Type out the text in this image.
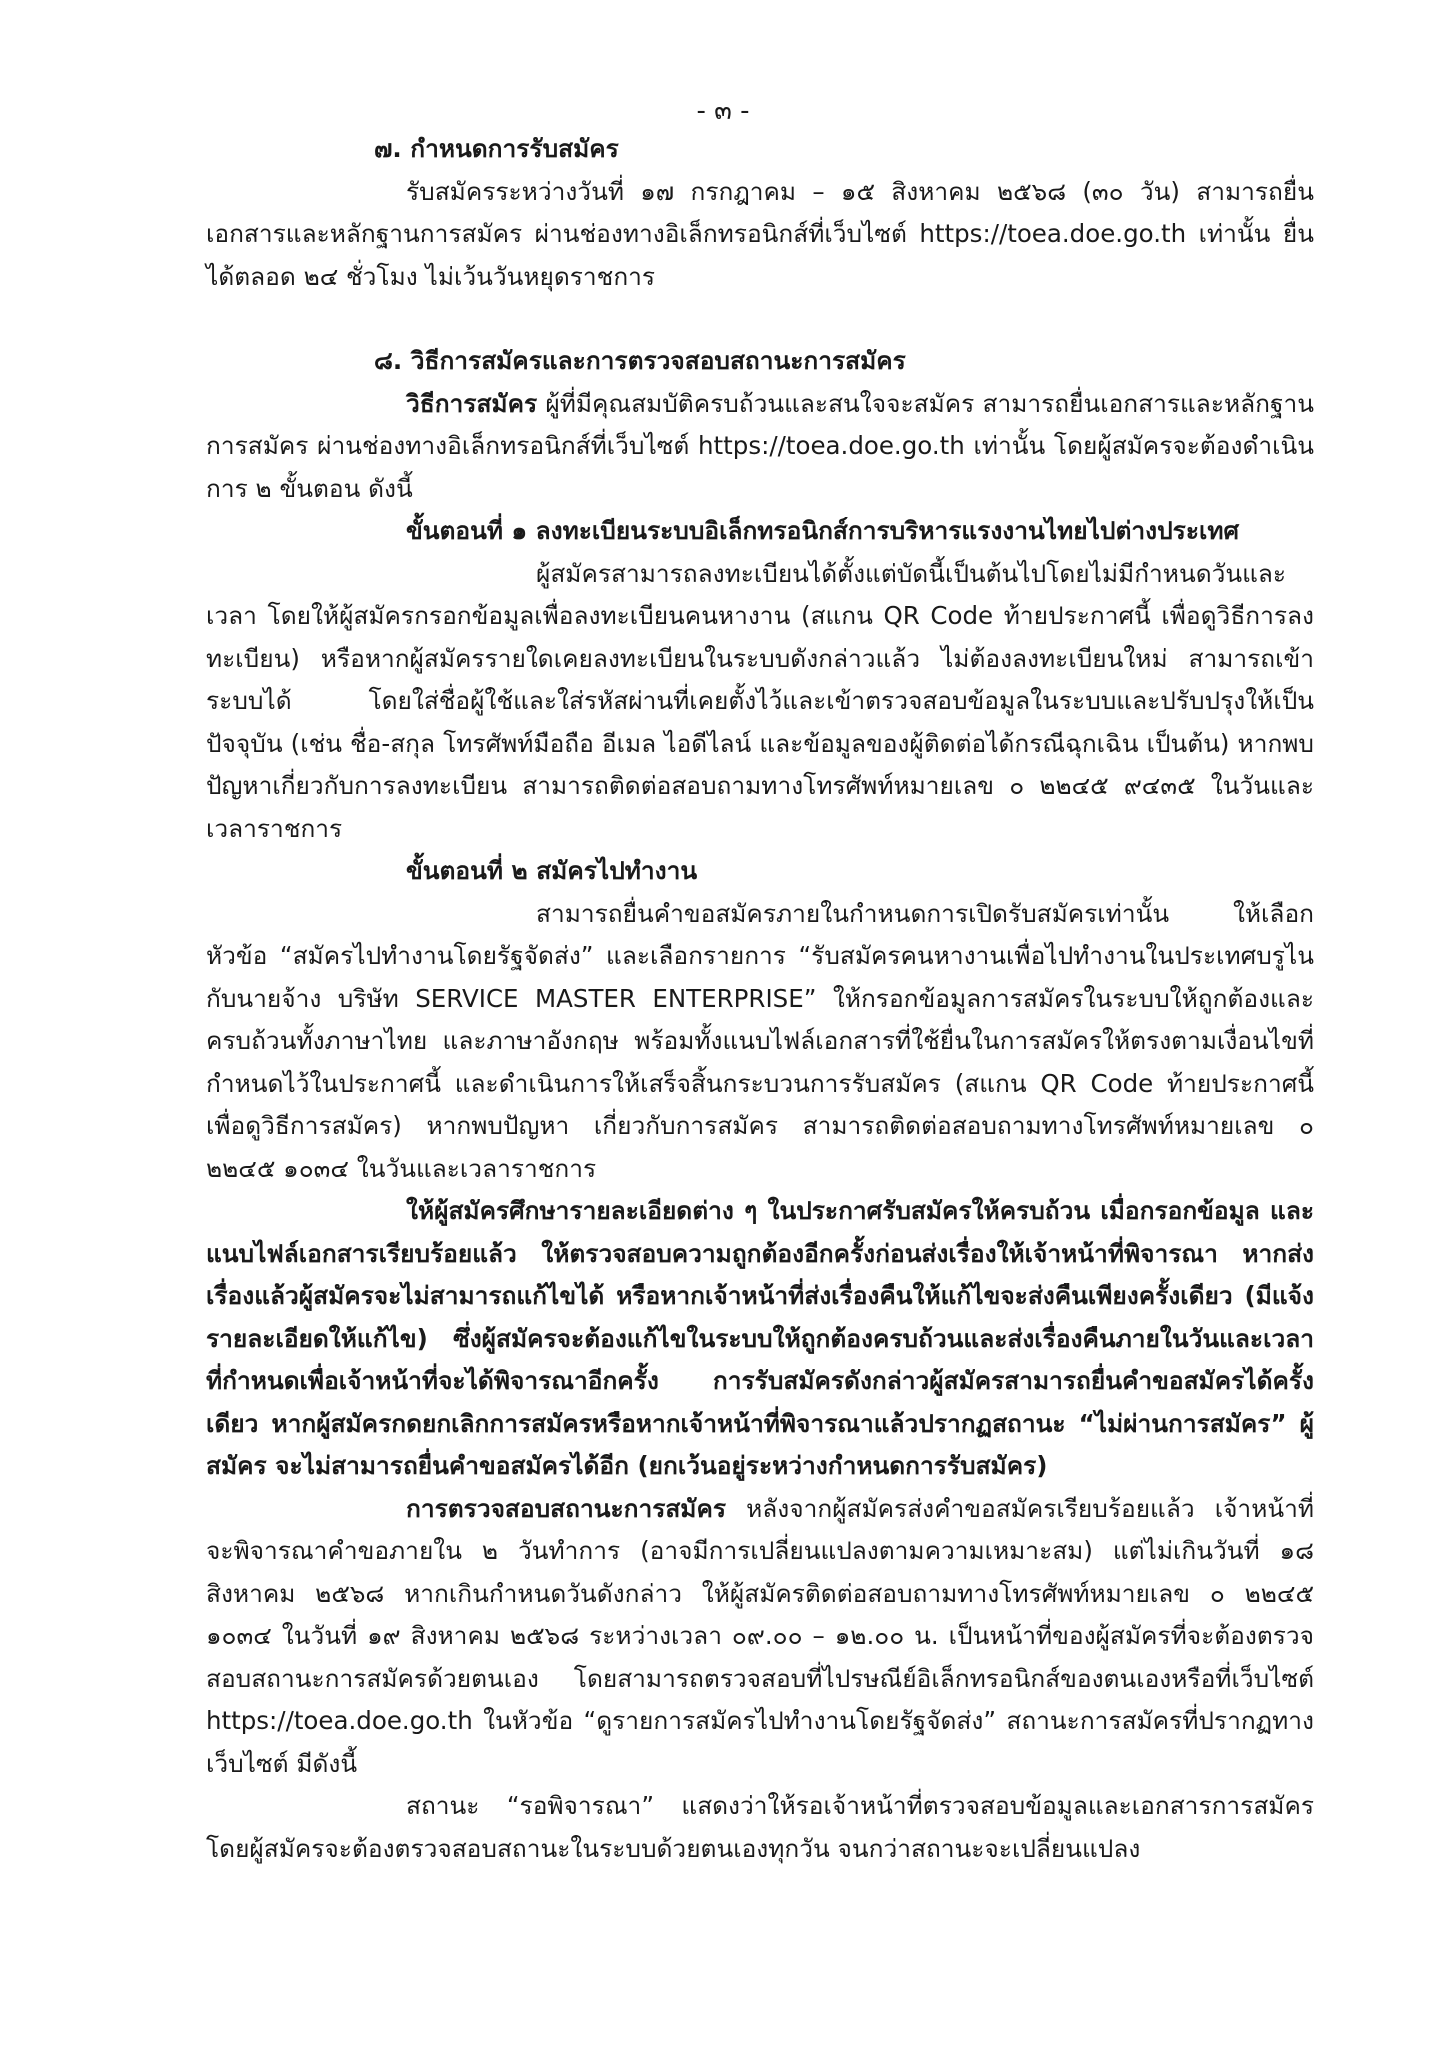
- ๓ -

๗. กำหนดการรับสมัคร

รับสมัครระหว่างวันที่ ๑๗ กรกฎาคม – ๑๕ สิงหาคม ๒๕๖๘ (๓๐ วัน) สามารถยื่นเอกสารและหลักฐานการสมัคร ผ่านช่องทางอิเล็กทรอนิกส์ที่เว็บไซต์ https://toea.doe.go.th เท่านั้น ยื่นได้ตลอด ๒๔ ชั่วโมง ไม่เว้นวันหยุดราชการ

๘. วิธีการสมัครและการตรวจสอบสถานะการสมัคร

วิธีการสมัคร ผู้ที่มีคุณสมบัติครบถ้วนและสนใจจะสมัคร สามารถยื่นเอกสารและหลักฐานการสมัคร ผ่านช่องทางอิเล็กทรอนิกส์ที่เว็บไซต์ https://toea.doe.go.th เท่านั้น โดยผู้สมัครจะต้องดำเนินการ ๒ ขั้นตอน ดังนี้

ขั้นตอนที่ ๑ ลงทะเบียนระบบอิเล็กทรอนิกส์การบริหารแรงงานไทยไปต่างประเทศ

ผู้สมัครสามารถลงทะเบียนได้ตั้งแต่บัดนี้เป็นต้นไปโดยไม่มีกำหนดวันและเวลา โดยให้ผู้สมัครกรอกข้อมูลเพื่อลงทะเบียนคนหางาน (สแกน QR Code ท้ายประกาศนี้ เพื่อดูวิธีการลงทะเบียน) หรือหากผู้สมัครรายใดเคยลงทะเบียนในระบบดังกล่าวแล้ว ไม่ต้องลงทะเบียนใหม่ สามารถเข้าระบบได้ โดยใส่ชื่อผู้ใช้และใส่รหัสผ่านที่เคยตั้งไว้และเข้าตรวจสอบข้อมูลในระบบและปรับปรุงให้เป็นปัจจุบัน (เช่น ชื่อ-สกุล โทรศัพท์มือถือ อีเมล ไอดีไลน์ และข้อมูลของผู้ติดต่อได้กรณีฉุกเฉิน เป็นต้น) หากพบปัญหาเกี่ยวกับการลงทะเบียน สามารถติดต่อสอบถามทางโทรศัพท์หมายเลข ๐ ๒๒๔๕ ๙๔๓๕ ในวันและเวลาราชการ

ขั้นตอนที่ ๒ สมัครไปทำงาน

สามารถยื่นคำขอสมัครภายในกำหนดการเปิดรับสมัครเท่านั้น ให้เลือกหัวข้อ “สมัครไปทำงานโดยรัฐจัดส่ง” และเลือกรายการ “รับสมัครคนหางานเพื่อไปทำงานในประเทศบรูไนกับนายจ้าง บริษัท SERVICE MASTER ENTERPRISE” ให้กรอกข้อมูลการสมัครในระบบให้ถูกต้องและครบถ้วนทั้งภาษาไทย และภาษาอังกฤษ พร้อมทั้งแนบไฟล์เอกสารที่ใช้ยื่นในการสมัครให้ตรงตามเงื่อนไขที่กำหนดไว้ในประกาศนี้ และดำเนินการให้เสร็จสิ้นกระบวนการรับสมัคร (สแกน QR Code ท้ายประกาศนี้ เพื่อดูวิธีการสมัคร) หากพบปัญหา เกี่ยวกับการสมัคร สามารถติดต่อสอบถามทางโทรศัพท์หมายเลข ๐ ๒๒๔๕ ๑๐๓๔ ในวันและเวลาราชการ

ให้ผู้สมัครศึกษารายละเอียดต่าง ๆ ในประกาศรับสมัครให้ครบถ้วน เมื่อกรอกข้อมูล และแนบไฟล์เอกสารเรียบร้อยแล้ว ให้ตรวจสอบความถูกต้องอีกครั้งก่อนส่งเรื่องให้เจ้าหน้าที่พิจารณา หากส่งเรื่องแล้วผู้สมัครจะไม่สามารถแก้ไขได้ หรือหากเจ้าหน้าที่ส่งเรื่องคืนให้แก้ไขจะส่งคืนเพียงครั้งเดียว (มีแจ้งรายละเอียดให้แก้ไข) ซึ่งผู้สมัครจะต้องแก้ไขในระบบให้ถูกต้องครบถ้วนและส่งเรื่องคืนภายในวันและเวลา ที่กำหนดเพื่อเจ้าหน้าที่จะได้พิจารณาอีกครั้ง การรับสมัครดังกล่าวผู้สมัครสามารถยื่นคำขอสมัครได้ครั้งเดียว หากผู้สมัครกดยกเลิกการสมัครหรือหากเจ้าหน้าที่พิจารณาแล้วปรากฏสถานะ “ไม่ผ่านการสมัคร” ผู้สมัคร จะไม่สามารถยื่นคำขอสมัครได้อีก (ยกเว้นอยู่ระหว่างกำหนดการรับสมัคร)

การตรวจสอบสถานะการสมัคร หลังจากผู้สมัครส่งคำขอสมัครเรียบร้อยแล้ว เจ้าหน้าที่ จะพิจารณาคำขอภายใน ๒ วันทำการ (อาจมีการเปลี่ยนแปลงตามความเหมาะสม) แต่ไม่เกินวันที่ ๑๘ สิงหาคม ๒๕๖๘ หากเกินกำหนดวันดังกล่าว ให้ผู้สมัครติดต่อสอบถามทางโทรศัพท์หมายเลข ๐ ๒๒๔๕ ๑๐๓๔ ในวันที่ ๑๙ สิงหาคม ๒๕๖๘ ระหว่างเวลา ๐๙.๐๐ – ๑๒.๐๐ น. เป็นหน้าที่ของผู้สมัครที่จะต้องตรวจสอบสถานะการสมัครด้วยตนเอง โดยสามารถตรวจสอบที่ไปรษณีย์อิเล็กทรอนิกส์ของตนเองหรือที่เว็บไซต์ https://toea.doe.go.th ในหัวข้อ “ดูรายการสมัครไปทำงานโดยรัฐจัดส่ง” สถานะการสมัครที่ปรากฏทางเว็บไซต์ มีดังนี้

สถานะ “รอพิจารณา” แสดงว่าให้รอเจ้าหน้าที่ตรวจสอบข้อมูลและเอกสารการสมัคร โดยผู้สมัครจะต้องตรวจสอบสถานะในระบบด้วยตนเองทุกวัน จนกว่าสถานะจะเปลี่ยนแปลง
